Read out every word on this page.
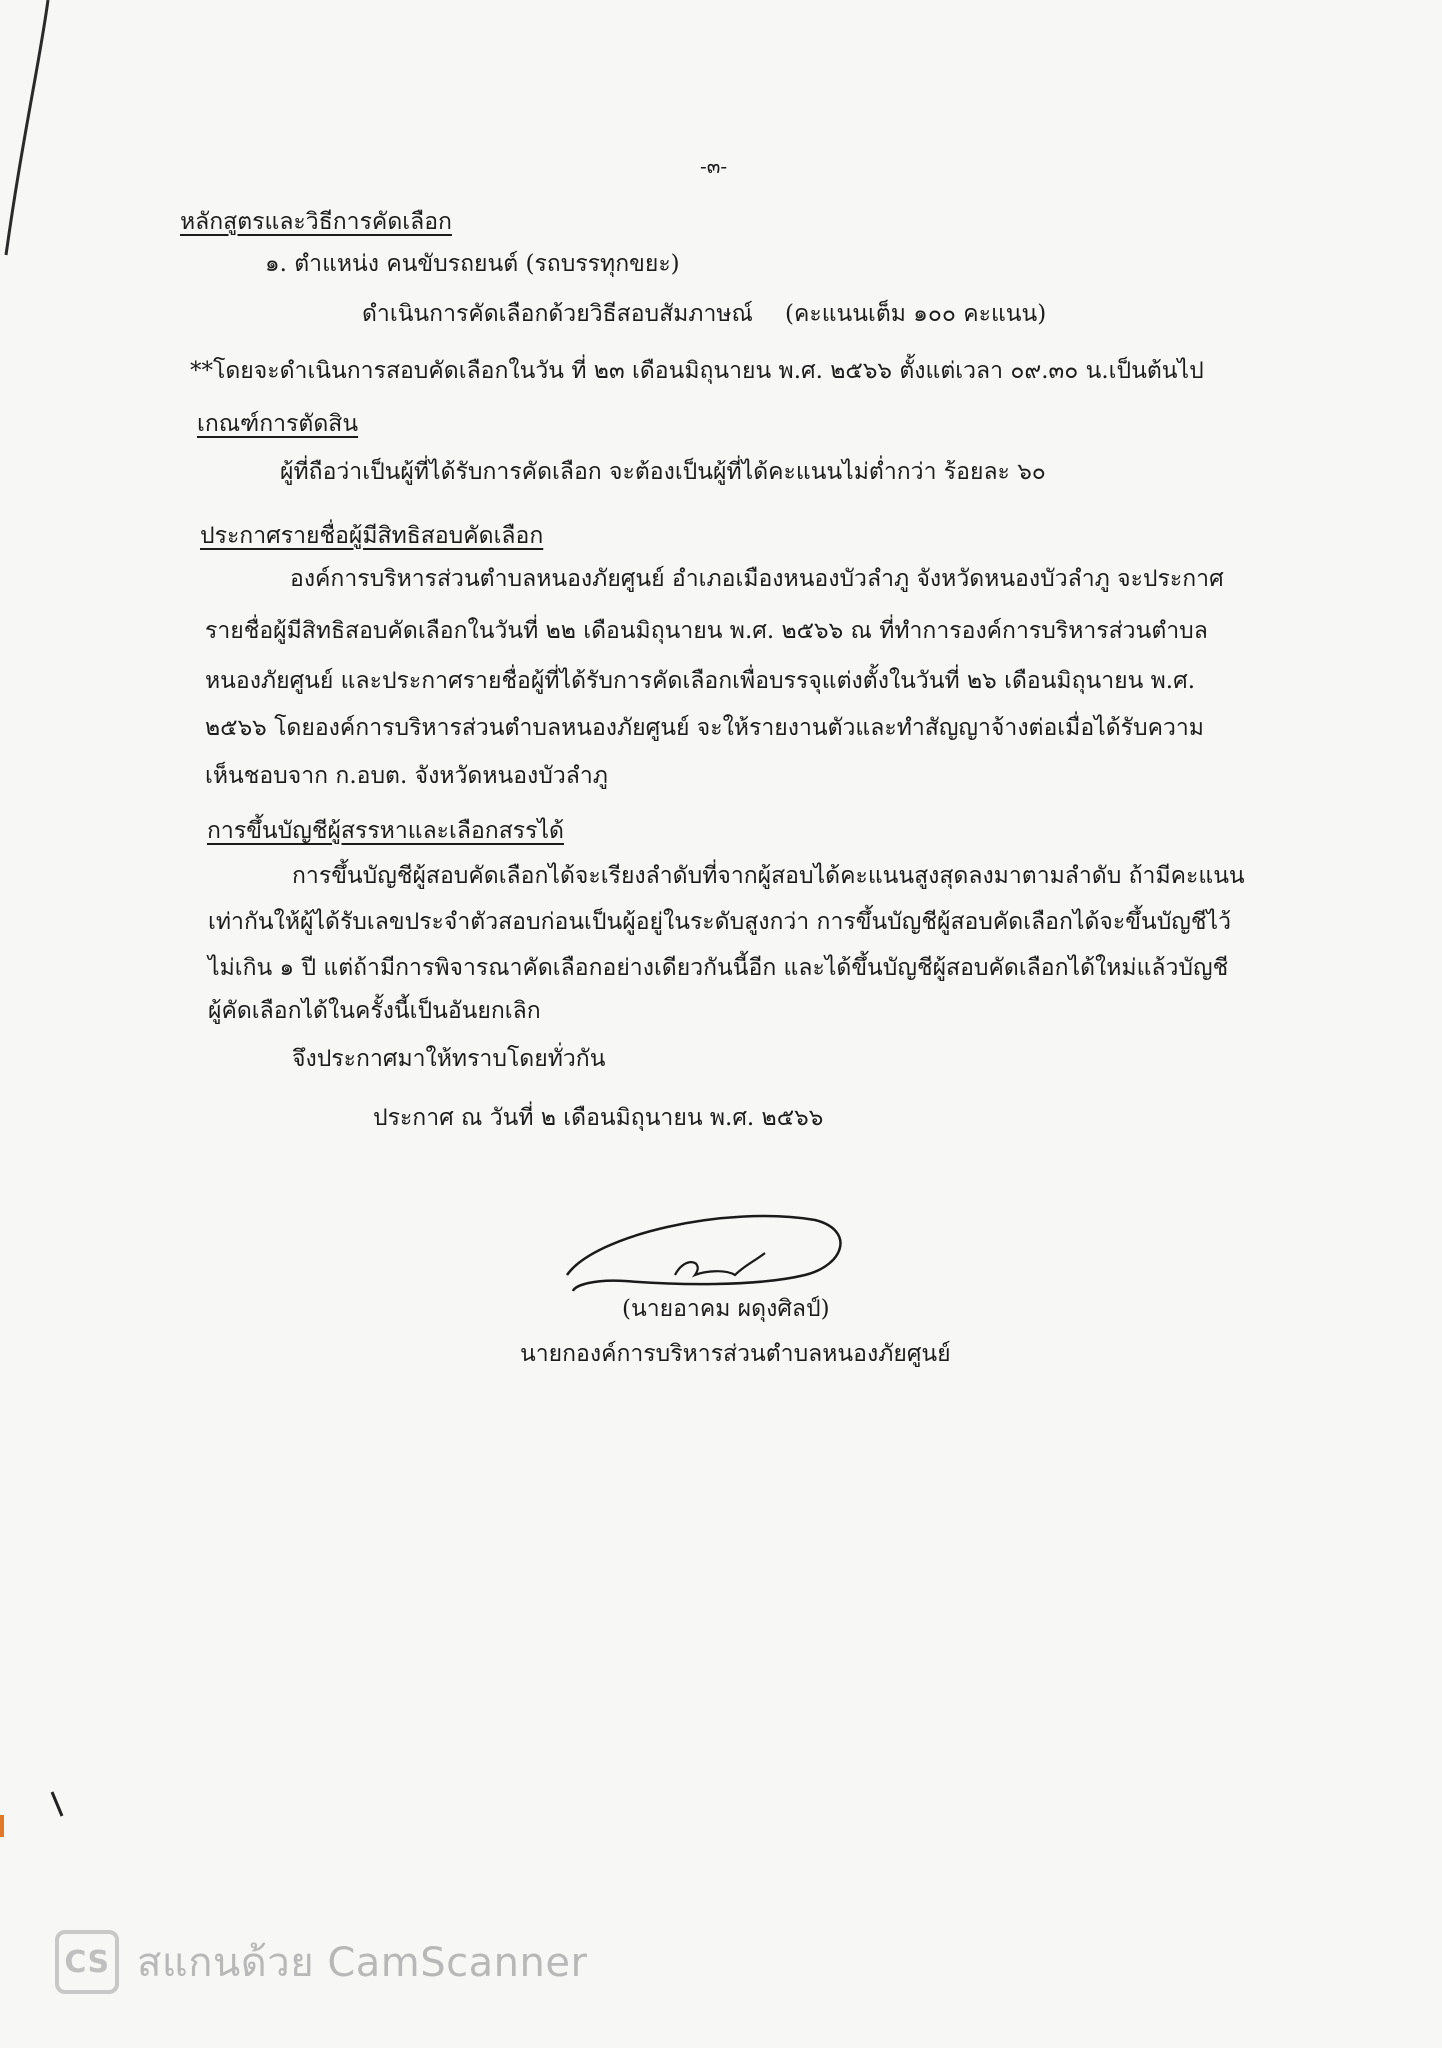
-๓-
หลักสูตรและวิธีการคัดเลือก
๑. ตำแหน่ง คนขับรถยนต์ (รถบรรทุกขยะ)
ดำเนินการคัดเลือกด้วยวิธีสอบสัมภาษณ์ (คะแนนเต็ม ๑๐๐ คะแนน)
**โดยจะดำเนินการสอบคัดเลือกในวัน ที่ ๒๓ เดือนมิถุนายน พ.ศ. ๒๕๖๖ ตั้งแต่เวลา ๐๙.๓๐ น.เป็นต้นไป
เกณฑ์การตัดสิน
ผู้ที่ถือว่าเป็นผู้ที่ได้รับการคัดเลือก จะต้องเป็นผู้ที่ได้คะแนนไม่ต่ำกว่า ร้อยละ ๖๐
ประกาศรายชื่อผู้มีสิทธิสอบคัดเลือก
องค์การบริหารส่วนตำบลหนองภัยศูนย์ อำเภอเมืองหนองบัวลำภู จังหวัดหนองบัวลำภู จะประกาศ
รายชื่อผู้มีสิทธิสอบคัดเลือกในวันที่ ๒๒ เดือนมิถุนายน พ.ศ. ๒๕๖๖ ณ ที่ทำการองค์การบริหารส่วนตำบล
หนองภัยศูนย์ และประกาศรายชื่อผู้ที่ได้รับการคัดเลือกเพื่อบรรจุแต่งตั้งในวันที่ ๒๖ เดือนมิถุนายน พ.ศ.
๒๕๖๖ โดยองค์การบริหารส่วนตำบลหนองภัยศูนย์ จะให้รายงานตัวและทำสัญญาจ้างต่อเมื่อได้รับความ
เห็นชอบจาก ก.อบต. จังหวัดหนองบัวลำภู
การขึ้นบัญชีผู้สรรหาและเลือกสรรได้
การขึ้นบัญชีผู้สอบคัดเลือกได้จะเรียงลำดับที่จากผู้สอบได้คะแนนสูงสุดลงมาตามลำดับ ถ้ามีคะแนน
เท่ากันให้ผู้ได้รับเลขประจำตัวสอบก่อนเป็นผู้อยู่ในระดับสูงกว่า การขึ้นบัญชีผู้สอบคัดเลือกได้จะขึ้นบัญชีไว้
ไม่เกิน ๑ ปี แต่ถ้ามีการพิจารณาคัดเลือกอย่างเดียวกันนี้อีก และได้ขึ้นบัญชีผู้สอบคัดเลือกได้ใหม่แล้วบัญชี
ผู้คัดเลือกได้ในครั้งนี้เป็นอันยกเลิก
จึงประกาศมาให้ทราบโดยทั่วกัน
ประกาศ ณ วันที่ ๒ เดือนมิถุนายน พ.ศ. ๒๕๖๖
(นายอาคม ผดุงศิลป์)
นายกองค์การบริหารส่วนตำบลหนองภัยศูนย์
CS สแกนด้วย CamScanner
